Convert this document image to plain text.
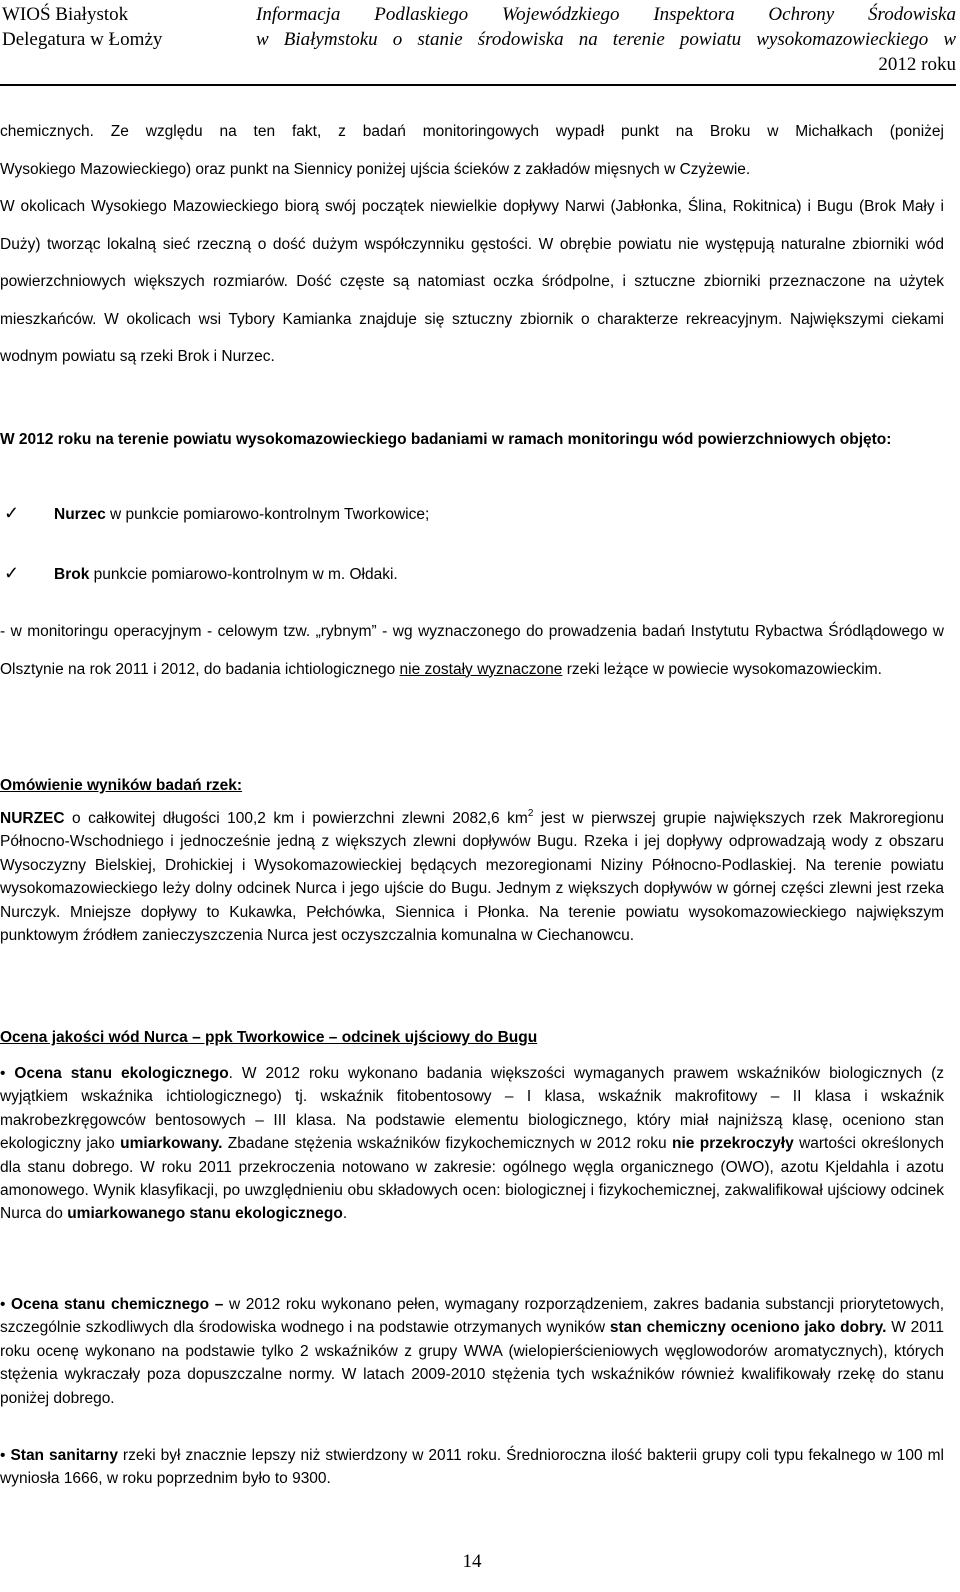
WIOŚ Białystok
Delegatura w Łomży
Informacja Podlaskiego Wojewódzkiego Inspektora Ochrony Środowiska
w Białymstoku o stanie środowiska na terenie powiatu wysokomazowieckiego w
2012 roku
chemicznych. Ze względu na ten fakt, z badań monitoringowych wypadł punkt na Broku w Michałkach (poniżej
Wysokiego Mazowieckiego) oraz punkt na Siennicy poniżej ujścia ścieków z zakładów mięsnych w Czyżewie.
W okolicach Wysokiego Mazowieckiego biorą swój początek niewielkie dopływy Narwi (Jabłonka, Ślina, Rokitnica) i Bugu (Brok Mały i Duży) tworząc lokalną sieć rzeczną o dość dużym współczynniku gęstości. W obrębie powiatu nie występują naturalne zbiorniki wód powierzchniowych większych rozmiarów. Dość częste są natomiast oczka śródpolne, i sztuczne zbiorniki przeznaczone na użytek mieszkańców. W okolicach wsi Tybory Kamianka znajduje się sztuczny zbiornik o charakterze rekreacyjnym. Największymi ciekami wodnym powiatu są rzeki Brok i Nurzec.
W 2012 roku na terenie powiatu wysokomazowieckiego badaniami w ramach monitoringu wód powierzchniowych objęto:
✓ Nurzec w punkcie pomiarowo-kontrolnym Tworkowice;
✓ Brok punkcie pomiarowo-kontrolnym w m. Ołdaki.
- w monitoringu operacyjnym - celowym tzw. „rybnym” - wg wyznaczonego do prowadzenia badań Instytutu Rybactwa Śródlądowego w Olsztynie na rok 2011 i 2012, do badania ichtiologicznego nie zostały wyznaczone rzeki leżące w powiecie wysokomazowieckim.
Omówienie wyników badań rzek:
NURZEC o całkowitej długości 100,2 km i powierzchni zlewni 2082,6 $km^2$ jest w pierwszej grupie największych rzek Makroregionu Północno-Wschodniego i jednocześnie jedną z większych zlewni dopływów Bugu. Rzeka i jej dopływy odprowadzają wody z obszaru Wysoczyzny Bielskiej, Drohickiej i Wysokomazowieckiej będących mezoregionami Niziny Północno-Podlaskiej. Na terenie powiatu wysokomazowieckiego leży dolny odcinek Nurca i jego ujście do Bugu. Jednym z większych dopływów w górnej części zlewni jest rzeka Nurczyk. Mniejsze dopływy to Kukawka, Pełchówka, Siennica i Płonka. Na terenie powiatu wysokomazowieckiego największym punktowym źródłem zanieczyszczenia Nurca jest oczyszczalnia komunalna w Ciechanowcu.
Ocena jakości wód Nurca – ppk Tworkowice – odcinek ujściowy do Bugu
• Ocena stanu ekologicznego. W 2012 roku wykonano badania większości wymaganych prawem wskaźników biologicznych (z wyjątkiem wskaźnika ichtiologicznego) tj. wskaźnik fitobentosowy – I klasa, wskaźnik makrofitowy – II klasa i wskaźnik makrobezkręgowców bentosowych – III klasa. Na podstawie elementu biologicznego, który miał najniższą klasę, oceniono stan ekologiczny jako umiarkowany. Zbadane stężenia wskaźników fizykochemicznych w 2012 roku nie przekroczyły wartości określonych dla stanu dobrego. W roku 2011 przekroczenia notowano w zakresie: ogólnego węgla organicznego (OWO), azotu Kjeldahla i azotu amonowego. Wynik klasyfikacji, po uwzględnieniu obu składowych ocen: biologicznej i fizykochemicznej, zakwalifikował ujściowy odcinek Nurca do umiarkowanego stanu ekologicznego.
• Ocena stanu chemicznego – w 2012 roku wykonano pełen, wymagany rozporządzeniem, zakres badania substancji priorytetowych, szczególnie szkodliwych dla środowiska wodnego i na podstawie otrzymanych wyników stan chemiczny oceniono jako dobry. W 2011 roku ocenę wykonano na podstawie tylko 2 wskaźników z grupy WWA (wielopierścieniowych węglowodorów aromatycznych), których stężenia wykraczały poza dopuszczalne normy. W latach 2009-2010 stężenia tych wskaźników również kwalifikowały rzekę do stanu poniżej dobrego.
• Stan sanitarny rzeki był znacznie lepszy niż stwierdzony w 2011 roku. Średnioroczna ilość bakterii grupy coli typu fekalnego w 100 ml wyniosła 1666, w roku poprzednim było to 9300.
14
